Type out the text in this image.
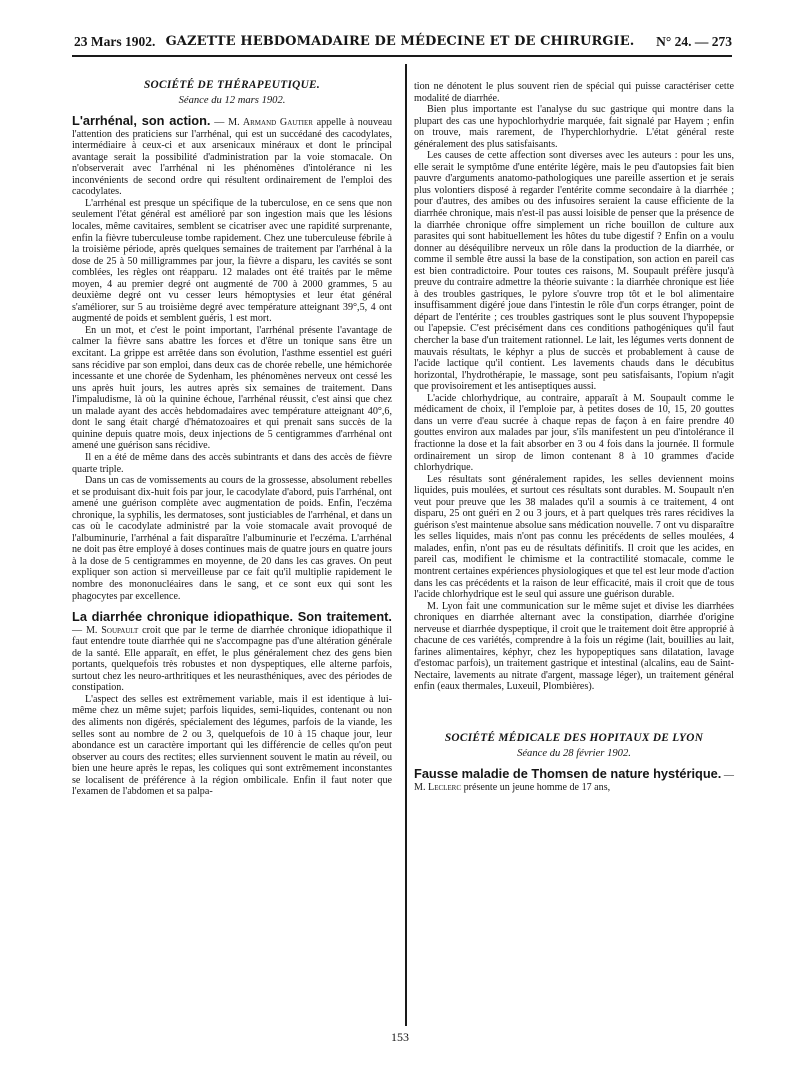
23 Mars 1902. GAZETTE HEBDOMADAIRE DE MÉDECINE ET DE CHIRURGIE.	N° 24. — 273
SOCIÉTÉ DE THÉRAPEUTIQUE.
Séance du 12 mars 1902.

L'arrhénal, son action. — M. Armand Gautier appelle à nouveau l'attention des praticiens sur l'arrhénal, qui est un succédané des cacodylates, intermédiaire à ceux-ci et aux arsenicaux minéraux et dont le principal avantage serait la possibilité d'administration par la voie stomacale. On n'observerait avec l'arrhénal ni les phénomènes d'intolérance ni les inconvénients de second ordre qui résultent ordinairement de l'emploi des cacodylates.

L'arrhénal est presque un spécifique de la tuberculose, en ce sens que non seulement l'état général est amélioré par son ingestion mais que les lésions locales, même cavitaires, semblent se cicatriser avec une rapidité surprenante, enfin la fièvre tuberculeuse tombe rapidement. Chez une tuberculeuse fébrile à la troisième période, après quelques semaines de traitement par l'arrhénal à la dose de 25 à 50 milligrammes par jour, la fièvre a disparu, les cavités se sont comblées, les règles ont réapparu. 12 malades ont été traités par le même moyen, 4 au premier degré ont augmenté de 700 à 2000 grammes, 5 au deuxième degré ont vu cesser leurs hémoptysies et leur état général s'améliorer, sur 5 au troisième degré avec température atteignant 39°,5, 4 ont augmenté de poids et semblent guéris, 1 est mort.

En un mot, et c'est le point important, l'arrhénal présente l'avantage de calmer la fièvre sans abattre les forces et d'être un tonique sans être un excitant. La grippe est arrêtée dans son évolution, l'asthme essentiel est guéri sans récidive par son emploi, dans deux cas de chorée rebelle, une hémichorée incessante et une chorée de Sydenham, les phénomènes nerveux ont cessé les uns après huit jours, les autres après six semaines de traitement. Dans l'impaludisme, là où la quinine échoue, l'arrhénal réussit, c'est ainsi que chez un malade ayant des accès hebdomadaires avec température atteignant 40°,6, dont le sang était chargé d'hématozoaires et qui prenait sans succès de la quinine depuis quatre mois, deux injections de 5 centigrammes d'arrhénal ont amené une guérison sans récidive.

Il en a été de même dans des accès subintrants et dans des accès de fièvre quarte triple.

Dans un cas de vomissements au cours de la grossesse, absolument rebelles et se produisant dix-huit fois par jour, le cacodylate d'abord, puis l'arrhénal, ont amené une guérison complète avec augmentation de poids. Enfin, l'eczéma chronique, la syphilis, les dermatoses, sont justiciables de l'arrhénal, et dans un cas où le cacodylate administré par la voie stomacale avait provoqué de l'albuminurie, l'arrhénal a fait disparaître l'albuminurie et l'eczéma. L'arrhénal ne doit pas être employé à doses continues mais de quatre jours en quatre jours à la dose de 5 centigrammes en moyenne, de 20 dans les cas graves. On peut expliquer son action si merveilleuse par ce fait qu'il multiplie rapidement le nombre des mononucléaires dans le sang, et ce sont eux qui sont les phagocytes par excellence.

La diarrhée chronique idiopathique. Son traitement. — M. Soupault croit que par le terme de diarrhée chronique idiopathique il faut entendre toute diarrhée qui ne s'accompagne pas d'une altération générale de la santé. Elle apparaît, en effet, le plus généralement chez des gens bien portants, quelquefois très robustes et non dyspeptiques, elle alterne parfois, surtout chez les neuro-arthritiques et les neurasthéniques, avec des périodes de constipation.

L'aspect des selles est extrêmement variable, mais il est identique à lui-même chez un même sujet; parfois liquides, semi-liquides, contenant ou non des aliments non digérés, spécialement des légumes, parfois de la viande, les selles sont au nombre de 2 ou 3, quelquefois de 10 à 15 chaque jour, leur abondance est un caractère important qui les différencie de celles qu'on peut observer au cours des rectites; elles surviennent souvent le matin au réveil, ou bien une heure après le repas, les coliques qui sont extrêmement inconstantes se localisent de préférence à la région ombilicale. Enfin il faut noter que l'examen de l'abdomen et sa palpa-

tion ne dénotent le plus souvent rien de spécial qui puisse caractériser cette modalité de diarrhée.

Bien plus importante est l'analyse du suc gastrique qui montre dans la plupart des cas une hypochlorhydrie marquée, fait signalé par Hayem ; enfin on trouve, mais rarement, de l'hyperchlorhydrie. L'état général reste généralement des plus satisfaisants.

Les causes de cette affection sont diverses avec les auteurs : pour les uns, elle serait le symptôme d'une entérite légère, mais le peu d'autopsies fait bien pauvre d'arguments anatomo-pathologiques une pareille assertion et je serais plus volontiers disposé à regarder l'entérite comme secondaire à la diarrhée ; pour d'autres, des amibes ou des infusoires seraient la cause efficiente de la diarrhée chronique, mais n'est-il pas aussi loisible de penser que la présence de la diarrhée chronique offre simplement un riche bouillon de culture aux parasites qui sont habituellement les hôtes du tube digestif ? Enfin on a voulu donner au déséquilibre nerveux un rôle dans la production de la diarrhée, or comme il semble être aussi la base de la constipation, son action en pareil cas est bien contradictoire. Pour toutes ces raisons, M. Soupault préfère jusqu'à preuve du contraire admettre la théorie suivante : la diarrhée chronique est liée à des troubles gastriques, le pylore s'ouvre trop tôt et le bol alimentaire insuffisamment digéré joue dans l'intestin le rôle d'un corps étranger, point de départ de l'entérite ; ces troubles gastriques sont le plus souvent l'hypopepsie ou l'apepsie. C'est précisément dans ces conditions pathogéniques qu'il faut chercher la base d'un traitement rationnel. Le lait, les légumes verts donnent de mauvais résultats, le képhyr a plus de succès et probablement à cause de l'acide lactique qu'il contient. Les lavements chauds dans le décubitus horizontal, l'hydrothérapie, le massage, sont peu satisfaisants, l'opium n'agit que provisoirement et les antiseptiques aussi.

L'acide chlorhydrique, au contraire, apparaît à M. Soupault comme le médicament de choix, il l'emploie par, à petites doses de 10, 15, 20 gouttes dans un verre d'eau sucrée à chaque repas de façon à en faire prendre 40 gouttes environ aux malades par jour, s'ils manifestent un peu d'intolérance il fractionne la dose et la fait absorber en 3 ou 4 fois dans la journée. Il formule ordinairement un sirop de limon contenant 8 à 10 grammes d'acide chlorhydrique.

Les résultats sont généralement rapides, les selles deviennent moins liquides, puis moulées, et surtout ces résultats sont durables. M. Soupault n'en veut pour preuve que les 38 malades qu'il a soumis à ce traitement, 4 ont disparu, 25 ont guéri en 2 ou 3 jours, et à part quelques très rares récidives la guérison s'est maintenue absolue sans médication nouvelle. 7 ont vu disparaître les selles liquides, mais n'ont pas connu les précédents de selles moulées, 4 malades, enfin, n'ont pas eu de résultats définitifs. Il croit que les acides, en pareil cas, modifient le chimisme et la contractilité stomacale, comme le montrent certaines expériences physiologiques et que tel est leur mode d'action dans les cas précédents et la raison de leur efficacité, mais il croit que de tous l'acide chlorhydrique est le seul qui assure une guérison durable.

M. Lyon fait une communication sur le même sujet et divise les diarrhées chroniques en diarrhée alternant avec la constipation, diarrhée d'origine nerveuse et diarrhée dyspeptique, il croit que le traitement doit être approprié à chacune de ces variétés, comprendre à la fois un régime (lait, bouillies au lait, farines alimentaires, képhyr, chez les hypopeptiques sans dilatation, lavage d'estomac parfois), un traitement gastrique et intestinal (alcalins, eau de Saint-Nectaire, lavements au nitrate d'argent, massage léger), un traitement général enfin (eaux thermales, Luxeuil, Plombières).

SOCIÉTÉ MÉDICALE DES HOPITAUX DE LYON
Séance du 28 février 1902.

Fausse maladie de Thomsen de nature hystérique. — M. Leclerc présente un jeune homme de 17 ans,

153
